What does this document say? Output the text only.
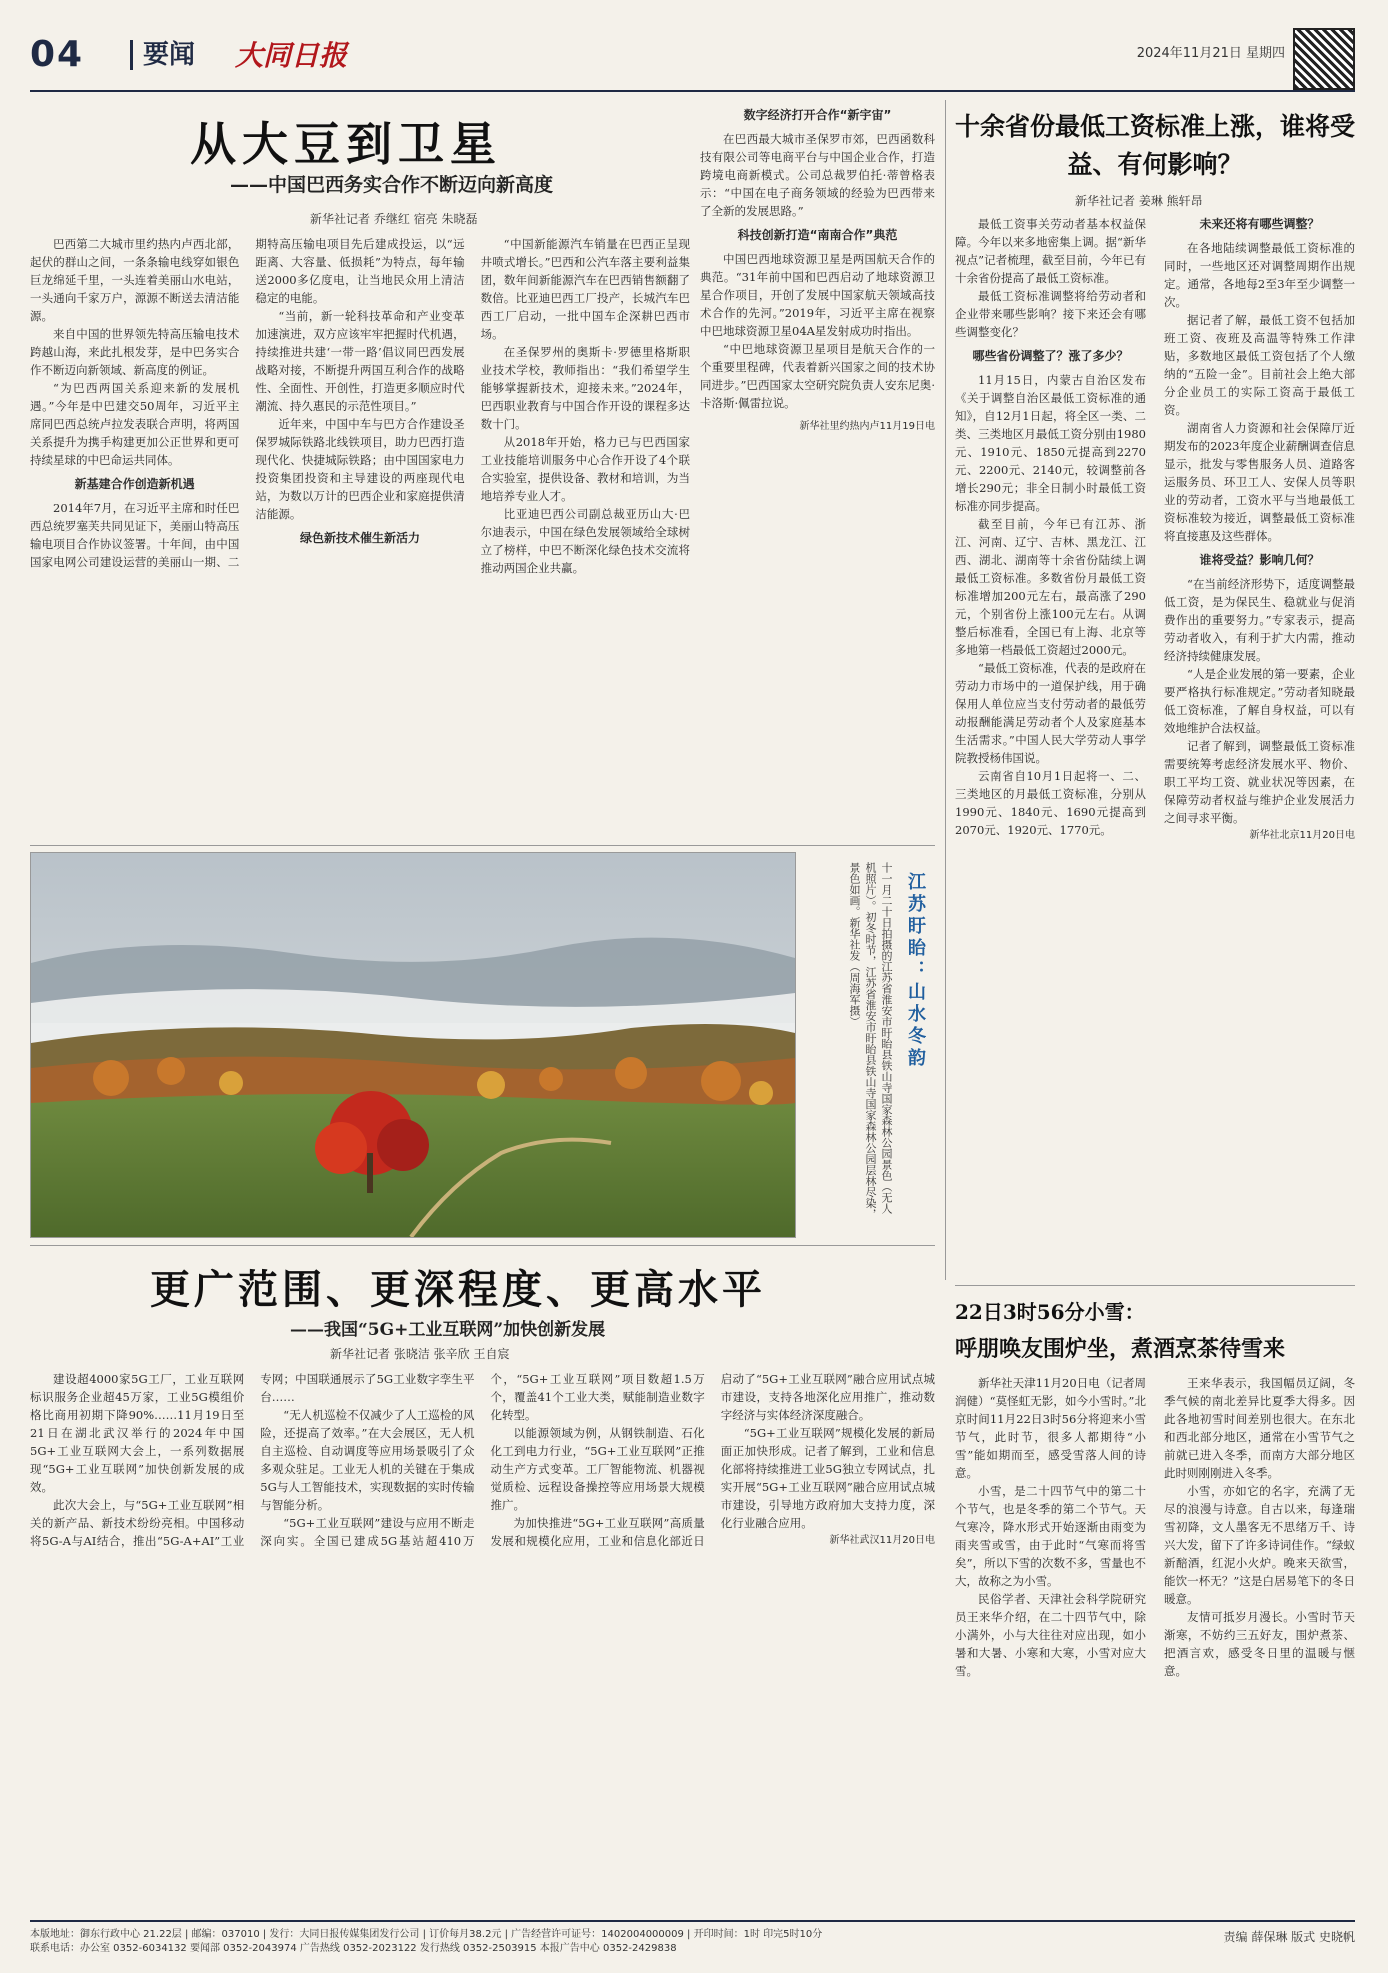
04	要闻 大同日报	2024年11月21日 星期四
从大豆到卫星
——中国巴西务实合作不断迈向新高度
新华社记者 乔继红 宿亮 朱晓磊

巴西第二大城市里约热内卢西北部，起伏的群山之间，一条条输电线穿如银色巨龙绵延千里，一头连着美丽山水电站，一头通向千家万户，源源不断送去清洁能源。

来自中国的世界领先特高压输电技术跨越山海，来此扎根发芽，是中巴务实合作不断迈向新领域、新高度的例证。

“为巴西两国关系迎来新的发展机遇。”今年是中巴建交50周年，习近平主席同巴西总统卢拉发表联合声明，将两国关系提升为携手构建更加公正世界和更可持续星球的中巴命运共同体。

新基建合作创造新机遇

2014年7月，在习近平主席和时任巴西总统罗塞芙共同见证下，美丽山特高压输电项目合作协议签署。十年间，由中国国家电网公司建设运营的美丽山一期、二期特高压输电项目先后建成投运，以“远距离、大容量、低损耗”为特点，每年输送2000多亿度电，让当地民众用上清洁稳定的电能。

“当前，新一轮科技革命和产业变革加速演进，双方应该牢牢把握时代机遇，持续推进共建‘一带一路’倡议同巴西发展战略对接，不断提升两国互利合作的战略性、全面性、开创性，打造更多顺应时代潮流、持久惠民的示范性项目。”

近年来，中国中车与巴方合作建设圣保罗城际铁路北线铁项目，助力巴西打造现代化、快捷城际铁路；由中国国家电力投资集团投资和主导建设的两座现代电站，为数以万计的巴西企业和家庭提供清洁能源。

绿色新技术催生新活力

“中国新能源汽车销量在巴西正呈现井喷式增长。”巴西和公汽车落主要利益集团，数年间新能源汽车在巴西销售额翻了数倍。比亚迪巴西工厂投产，长城汽车巴西工厂启动，一批中国车企深耕巴西市场。

在圣保罗州的奥斯卡·罗德里格斯职业技术学校，教师指出：“我们希望学生能够掌握新技术，迎接未来。”2024年，巴西职业教育与中国合作开设的课程多达数十门。

从2018年开始，格力已与巴西国家工业技能培训服务中心合作开设了4个联合实验室，提供设备、教材和培训，为当地培养专业人才。

比亚迪巴西公司副总裁亚历山大·巴尔迪表示，中国在绿色发展领域给全球树立了榜样，中巴不断深化绿色技术交流将推动两国企业共赢。

数字经济打开合作“新宇宙”

在巴西最大城市圣保罗市郊，巴西函数科技有限公司等电商平台与中国企业合作，打造跨境电商新模式。公司总裁罗伯托·蒂曾格表示：“中国在电子商务领域的经验为巴西带来了全新的发展思路。”

科技创新打造“南南合作”典范

中国巴西地球资源卫星是两国航天合作的典范。“31年前中国和巴西启动了地球资源卫星合作项目，开创了发展中国家航天领域高技术合作的先河。”2019年，习近平主席在视察中巴地球资源卫星04A星发射成功时指出。

“中巴地球资源卫星项目是航天合作的一个重要里程碑，代表着新兴国家之间的技术协同进步。”巴西国家太空研究院负责人安东尼奥·卡洛斯·佩雷拉说。

新华社里约热内卢11月19日电

十余省份最低工资标准上涨，谁将受益、有何影响？
新华社记者 姜琳 熊轩昂

最低工资事关劳动者基本权益保障。今年以来多地密集上调。据“新华视点”记者梳理，截至目前，今年已有十余省份提高了最低工资标准。

最低工资标准调整将给劳动者和企业带来哪些影响？接下来还会有哪些调整变化？

哪些省份调整了？涨了多少？

11月15日，内蒙古自治区发布《关于调整自治区最低工资标准的通知》，自12月1日起，将全区一类、二类、三类地区月最低工资分别由1980元、1910元、1850元提高到2270元、2200元、2140元，较调整前各增长290元；非全日制小时最低工资标准亦同步提高。

截至目前，今年已有江苏、浙江、河南、辽宁、吉林、黑龙江、江西、湖北、湖南等十余省份陆续上调最低工资标准。多数省份月最低工资标准增加200元左右，最高涨了290元，个别省份上涨100元左右。从调整后标准看，全国已有上海、北京等多地第一档最低工资超过2000元。

“最低工资标准，代表的是政府在劳动力市场中的一道保护线，用于确保用人单位应当支付劳动者的最低劳动报酬能满足劳动者个人及家庭基本生活需求。”中国人民大学劳动人事学院教授杨伟国说。

云南省自10月1日起将一、二、三类地区的月最低工资标准，分别从1990元、1840元、1690元提高到2070元、1920元、1770元。

未来还将有哪些调整？

在各地陆续调整最低工资标准的同时，一些地区还对调整周期作出规定。通常，各地每2至3年至少调整一次。

据记者了解，最低工资不包括加班工资、夜班及高温等特殊工作津贴，多数地区最低工资包括了个人缴纳的“五险一金”。目前社会上绝大部分企业员工的实际工资高于最低工资。

湖南省人力资源和社会保障厅近期发布的2023年度企业薪酬调查信息显示，批发与零售服务人员、道路客运服务员、环卫工人、安保人员等职业的劳动者，工资水平与当地最低工资标准较为接近，调整最低工资标准将直接惠及这些群体。

谁将受益？影响几何？

“在当前经济形势下，适度调整最低工资，是为保民生、稳就业与促消费作出的重要努力。”专家表示，提高劳动者收入，有利于扩大内需，推动经济持续健康发展。

“人是企业发展的第一要素，企业要严格执行标准规定。”劳动者知晓最低工资标准，了解自身权益，可以有效地维护合法权益。

记者了解到，调整最低工资标准需要统筹考虑经济发展水平、物价、职工平均工资、就业状况等因素，在保障劳动者权益与维护企业发展活力之间寻求平衡。

新华社北京11月20日电

江苏盱眙：山水冬韵
十一月二十日拍摄的江苏省淮安市盱眙县铁山寺国家森林公园景色（无人机照片）。初冬时节，江苏省淮安市盱眙县铁山寺国家森林公园层林尽染，景色如画。新华社发（周海军摄）
更广范围、更深程度、更高水平
——我国“5G+工业互联网”加快创新发展
新华社记者 张晓洁 张辛欣 王自宸

建设超4000家5G工厂，工业互联网标识服务企业超45万家，工业5G模组价格比商用初期下降90%……11月19日至21日在湖北武汉举行的2024年中国5G+工业互联网大会上，一系列数据展现“5G+工业互联网”加快创新发展的成效。

此次大会上，与“5G+工业互联网”相关的新产品、新技术纷纷亮相。中国移动将5G-A与AI结合，推出“5G-A+AI”工业专网；中国联通展示了5G工业数字孪生平台……

“无人机巡检不仅减少了人工巡检的风险，还提高了效率。”在大会展区，无人机自主巡检、自动调度等应用场景吸引了众多观众驻足。工业无人机的关键在于集成5G与人工智能技术，实现数据的实时传输与智能分析。

“5G+工业互联网”建设与应用不断走深向实。全国已建成5G基站超410万个，“5G+工业互联网”项目数超1.5万个，覆盖41个工业大类，赋能制造业数字化转型。

以能源领域为例，从钢铁制造、石化化工到电力行业，“5G+工业互联网”正推动生产方式变革。工厂智能物流、机器视觉质检、远程设备操控等应用场景大规模推广。

为加快推进“5G+工业互联网”高质量发展和规模化应用，工业和信息化部近日启动了“5G+工业互联网”融合应用试点城市建设，支持各地深化应用推广，推动数字经济与实体经济深度融合。

“5G+工业互联网”规模化发展的新局面正加快形成。记者了解到，工业和信息化部将持续推进工业5G独立专网试点，扎实开展“5G+工业互联网”融合应用试点城市建设，引导地方政府加大支持力度，深化行业融合应用。

新华社武汉11月20日电

22日3时56分小雪：
呼朋唤友围炉坐，煮酒烹茶待雪来

新华社天津11月20日电（记者周润健）“莫怪虹无影，如今小雪时。”北京时间11月22日3时56分将迎来小雪节气，此时节，很多人都期待“小雪”能如期而至，感受雪落人间的诗意。

小雪，是二十四节气中的第二十个节气，也是冬季的第二个节气。天气寒冷，降水形式开始逐渐由雨变为雨夹雪或雪，由于此时“气寒而将雪矣”，所以下雪的次数不多，雪量也不大，故称之为小雪。

民俗学者、天津社会科学院研究员王来华介绍，在二十四节气中，除小满外，小与大往往对应出现，如小暑和大暑、小寒和大寒，小雪对应大雪。

王来华表示，我国幅员辽阔，冬季气候的南北差异比夏季大得多。因此各地初雪时间差别也很大。在东北和西北部分地区，通常在小雪节气之前就已进入冬季，而南方大部分地区此时则刚刚进入冬季。

小雪，亦如它的名字，充满了无尽的浪漫与诗意。自古以来，每逢瑞雪初降，文人墨客无不思绪万千、诗兴大发，留下了许多诗词佳作。“绿蚁新醅酒，红泥小火炉。晚来天欲雪，能饮一杯无？”这是白居易笔下的冬日暖意。

友情可抵岁月漫长。小雪时节天渐寒，不妨约三五好友，围炉煮茶、把酒言欢，感受冬日里的温暖与惬意。

本版地址：御东行政中心 21.22层 | 邮编：037010 | 发行：大同日报传媒集团发行公司 | 订价每月38.2元 | 广告经营许可证号：1402004000009 | 开印时间：1时 印完5时10分
联系电话：办公室 0352-6034132 要闻部 0352-2043974 广告热线 0352-2023122 发行热线 0352-2503915 本报广告中心 0352-2429838
责编 薛保琳 版式 史晓帆
